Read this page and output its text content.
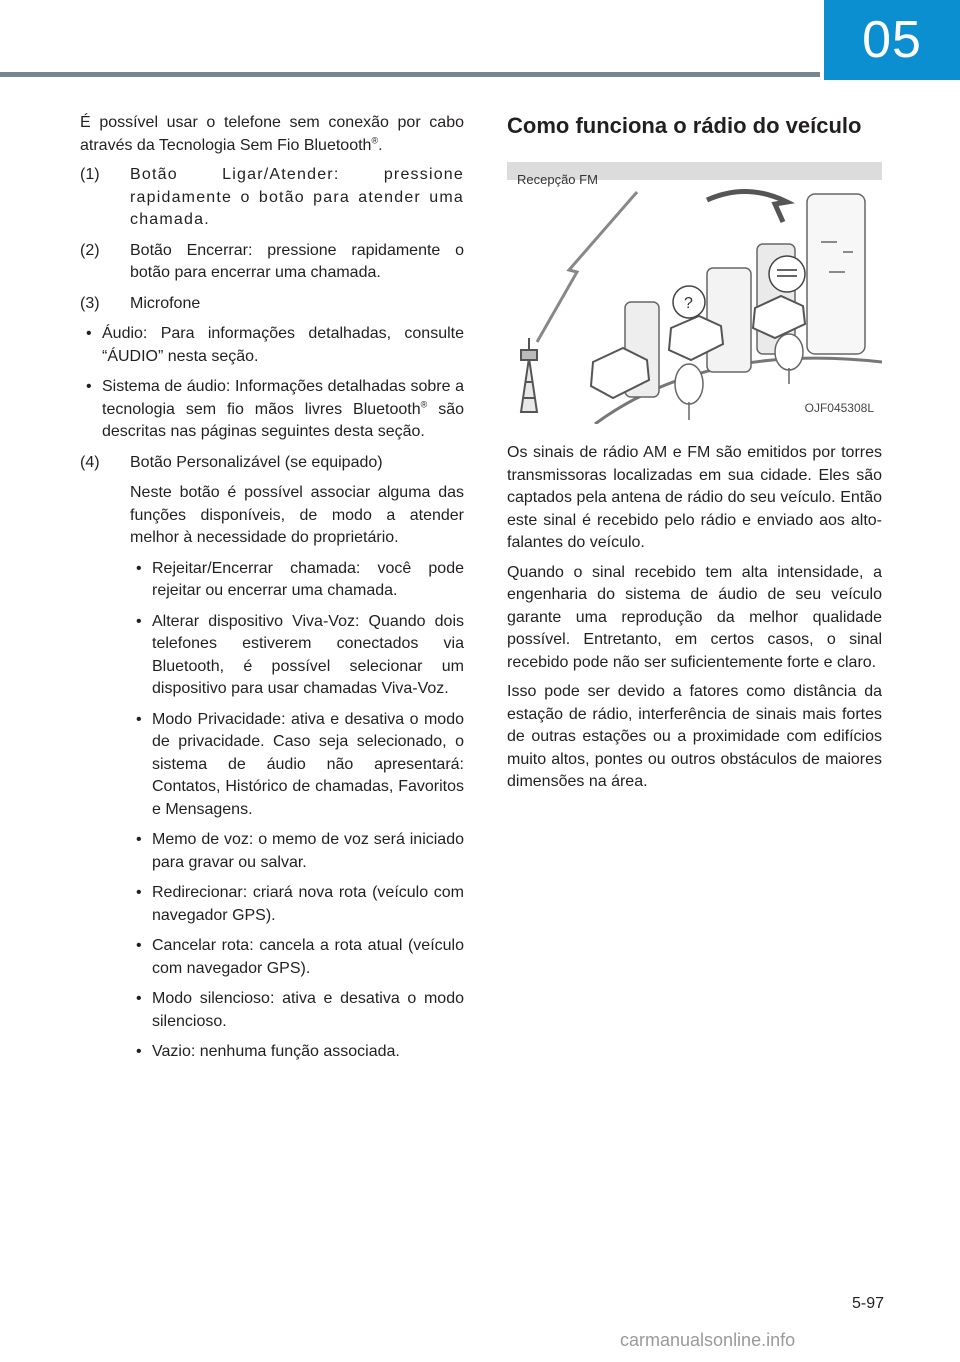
05

É possível usar o telefone sem conexão por cabo através da Tecnologia Sem Fio Bluetooth®.

(1)	Botão Ligar/Atender: pressione rapidamente o botão para atender uma chamada.
(2)	Botão Encerrar: pressione rapidamente o botão para encerrar uma chamada.
(3)	Microfone
• Áudio: Para informações detalhadas, consulte “ÁUDIO” nesta seção.
• Sistema de áudio: Informações detalhadas sobre a tecnologia sem fio mãos livres Bluetooth® são descritas nas páginas seguintes desta seção.
(4)	Botão Personalizável (se equipado)

Neste botão é possível associar alguma das funções disponíveis, de modo a atender melhor à necessidade do proprietário.

• Rejeitar/Encerrar chamada: você pode rejeitar ou encerrar uma chamada.
• Alterar dispositivo Viva-Voz: Quando dois telefones estiverem conectados via Bluetooth, é possível selecionar um dispositivo para usar chamadas Viva-Voz.
• Modo Privacidade: ativa e desativa o modo de privacidade. Caso seja selecionado, o sistema de áudio não apresentará: Contatos, Histórico de chamadas, Favoritos e Mensagens.
• Memo de voz: o memo de voz será iniciado para gravar ou salvar.
• Redirecionar: criará nova rota (veículo com navegador GPS).
• Cancelar rota: cancela a rota atual (veículo com navegador GPS).
• Modo silencioso: ativa e desativa o modo silencioso.
• Vazio: nenhuma função associada.
Como funciona o rádio do veículo
?
Recepção FM
OJF045308L

Os sinais de rádio AM e FM são emitidos por torres transmissoras localizadas em sua cidade. Eles são captados pela antena de rádio do seu veículo. Então este sinal é recebido pelo rádio e enviado aos alto-falantes do veículo.

Quando o sinal recebido tem alta intensidade, a engenharia do sistema de áudio de seu veículo garante uma reprodução da melhor qualidade possível. Entretanto, em certos casos, o sinal recebido pode não ser suficientemente forte e claro.

Isso pode ser devido a fatores como distância da estação de rádio, interferência de sinais mais fortes de outras estações ou a proximidade com edifícios muito altos, pontes ou outros obstáculos de maiores dimensões na área.

5-97
carmanualsonline.info
